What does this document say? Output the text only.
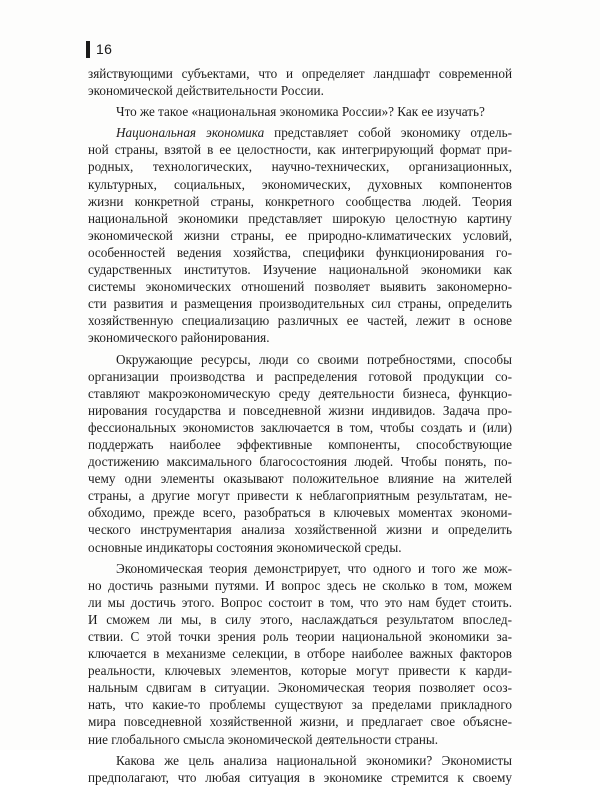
16
зяйствующими субъектами, что и определяет ландшафт современной
экономической действительности России.
Что же такое «национальная экономика России»? Как ее изучать?
Национальная экономика представляет собой экономику отдель-
ной страны, взятой в ее целостности, как интегрирующий формат при-
родных, технологических, научно-технических, организационных,
культурных, социальных, экономических, духовных компонентов
жизни конкретной страны, конкретного сообщества людей. Теория
национальной экономики представляет широкую целостную картину
экономической жизни страны, ее природно-климатических условий,
особенностей ведения хозяйства, специфики функционирования го-
сударственных институтов. Изучение национальной экономики как
системы экономических отношений позволяет выявить закономерно-
сти развития и размещения производительных сил страны, определить
хозяйственную специализацию различных ее частей, лежит в основе
экономического районирования.
Окружающие ресурсы, люди со своими потребностями, способы
организации производства и распределения готовой продукции со-
ставляют макроэкономическую среду деятельности бизнеса, функцио-
нирования государства и повседневной жизни индивидов. Задача про-
фессиональных экономистов заключается в том, чтобы создать и (или)
поддержать наиболее эффективные компоненты, способствующие
достижению максимального благосостояния людей. Чтобы понять, по-
чему одни элементы оказывают положительное влияние на жителей
страны, а другие могут привести к неблагоприятным результатам, не-
обходимо, прежде всего, разобраться в ключевых моментах экономи-
ческого инструментария анализа хозяйственной жизни и определить
основные индикаторы состояния экономической среды.
Экономическая теория демонстрирует, что одного и того же мож-
но достичь разными путями. И вопрос здесь не сколько в том, можем
ли мы достичь этого. Вопрос состоит в том, что это нам будет стоить.
И сможем ли мы, в силу этого, наслаждаться результатом впослед-
ствии. С этой точки зрения роль теории национальной экономики за-
ключается в механизме селекции, в отборе наиболее важных факторов
реальности, ключевых элементов, которые могут привести к карди-
нальным сдвигам в ситуации. Экономическая теория позволяет осоз-
нать, что какие-то проблемы существуют за пределами прикладного
мира повседневной хозяйственной жизни, и предлагает свое объясне-
ние глобального смысла экономической деятельности страны.
Какова же цель анализа национальной экономики? Экономисты
предполагают, что любая ситуация в экономике стремится к своему
